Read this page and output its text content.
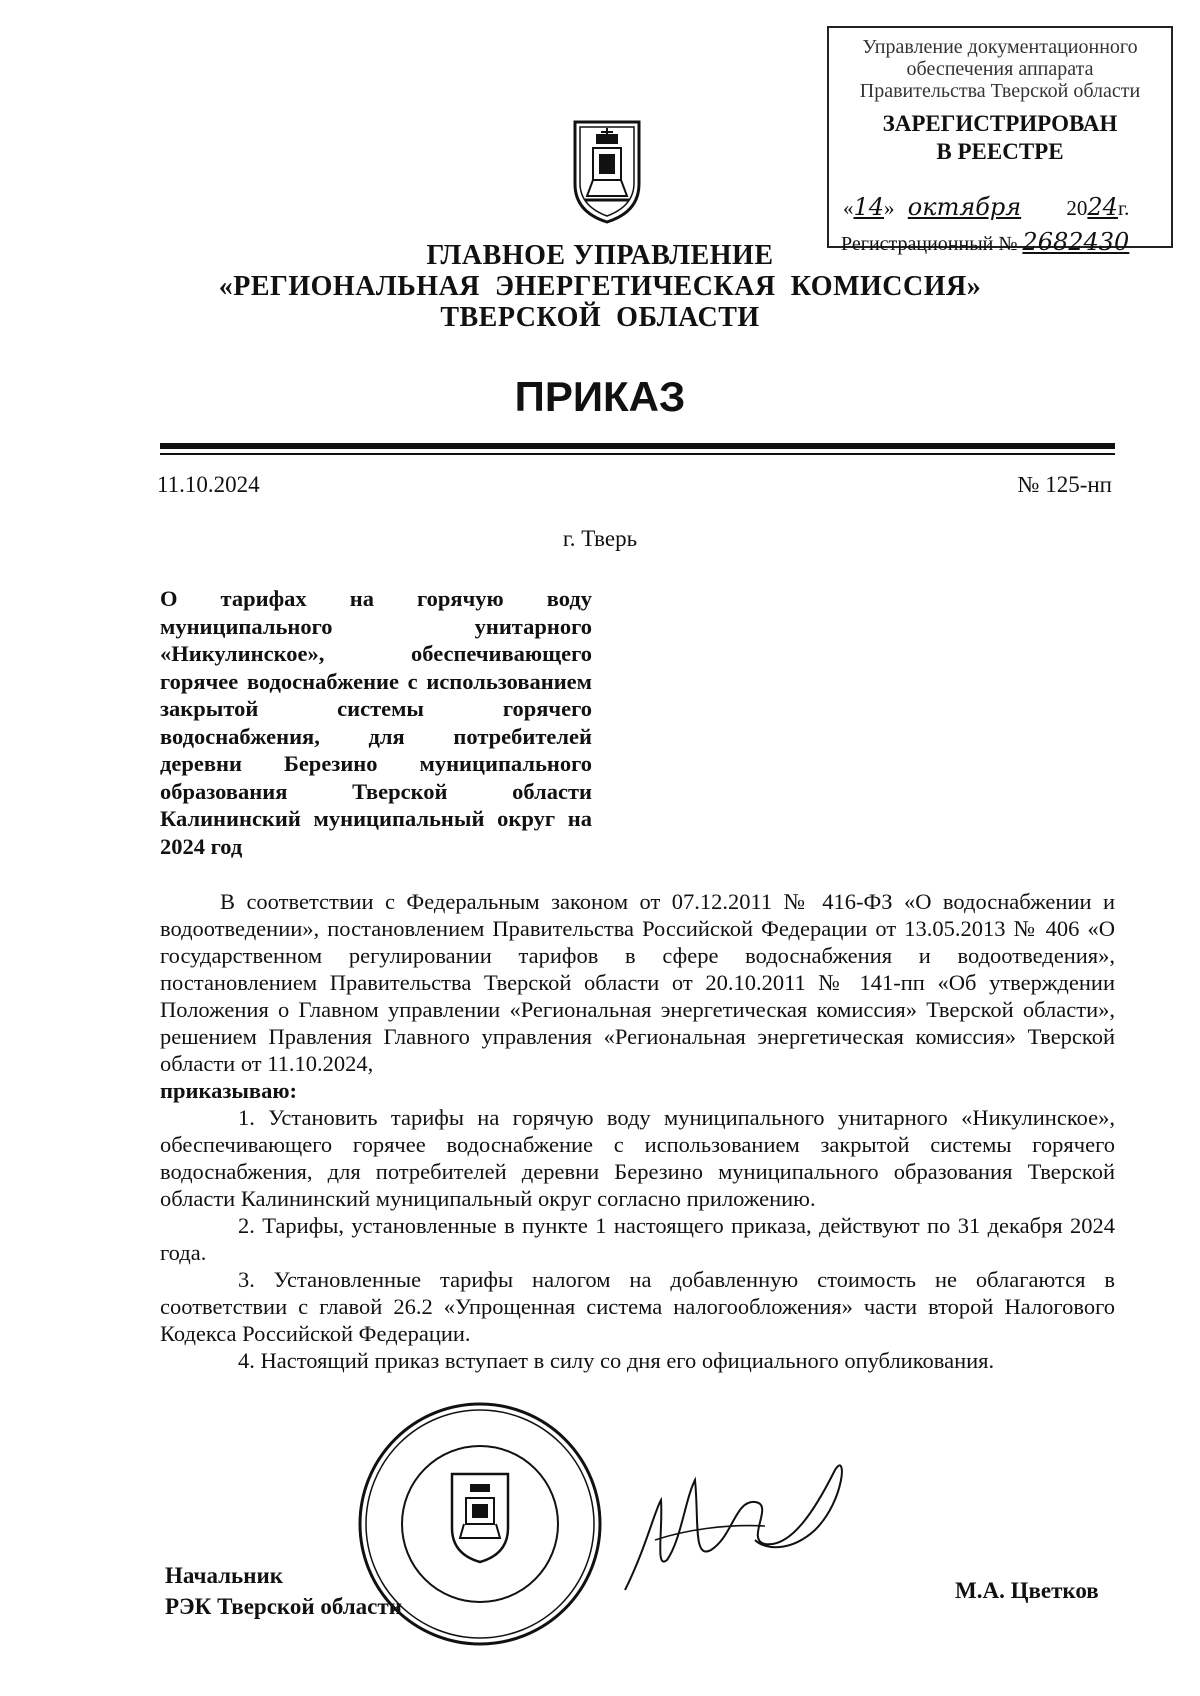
Управление документационного
обеспечения аппарата
Правительства Тверской области
ЗАРЕГИСТРИРОВАН
В РЕЕСТРЕ
«14» октября 2024г.
Регистрационный № 2682430
ГЛАВНОЕ УПРАВЛЕНИЕ
«РЕГИОНАЛЬНАЯ  ЭНЕРГЕТИЧЕСКАЯ  КОМИССИЯ»
ТВЕРСКОЙ  ОБЛАСТИ
ПРИКАЗ
11.10.2024	№ 125-нп
г. Тверь
О тарифах на горячую воду муниципального унитарного «Никулинское», обеспечивающего горячее водоснабжение с использованием закрытой системы горячего водоснабжения, для потребителей деревни Березино муниципального образования Тверской области Калининский муниципальный округ на 2024 год

В соответствии с Федеральным законом от 07.12.2011 № 416-ФЗ «О водоснабжении и водоотведении», постановлением Правительства Российской Федерации от 13.05.2013 № 406 «О государственном регулировании тарифов в сфере водоснабжения и водоотведения», постановлением Правительства Тверской области от 20.10.2011 № 141-пп «Об утверждении Положения о Главном управлении «Региональная энергетическая комиссия» Тверской области», решением Правления Главного управления «Региональная энергетическая комиссия» Тверской области от 11.10.2024,

приказываю:

1. Установить тарифы на горячую воду муниципального унитарного «Никулинское», обеспечивающего горячее водоснабжение с использованием закрытой системы горячего водоснабжения, для потребителей деревни Березино муниципального образования Тверской области Калининский муниципальный округ согласно приложению.

2. Тарифы, установленные в пункте 1 настоящего приказа, действуют по 31 декабря 2024 года.

3. Установленные тарифы налогом на добавленную стоимость не облагаются в соответствии с главой 26.2 «Упрощенная система налогообложения» части второй Налогового Кодекса Российской Федерации.

4. Настоящий приказ вступает в силу со дня его официального опубликования.

Начальник
РЭК Тверской области
М.А. Цветков
